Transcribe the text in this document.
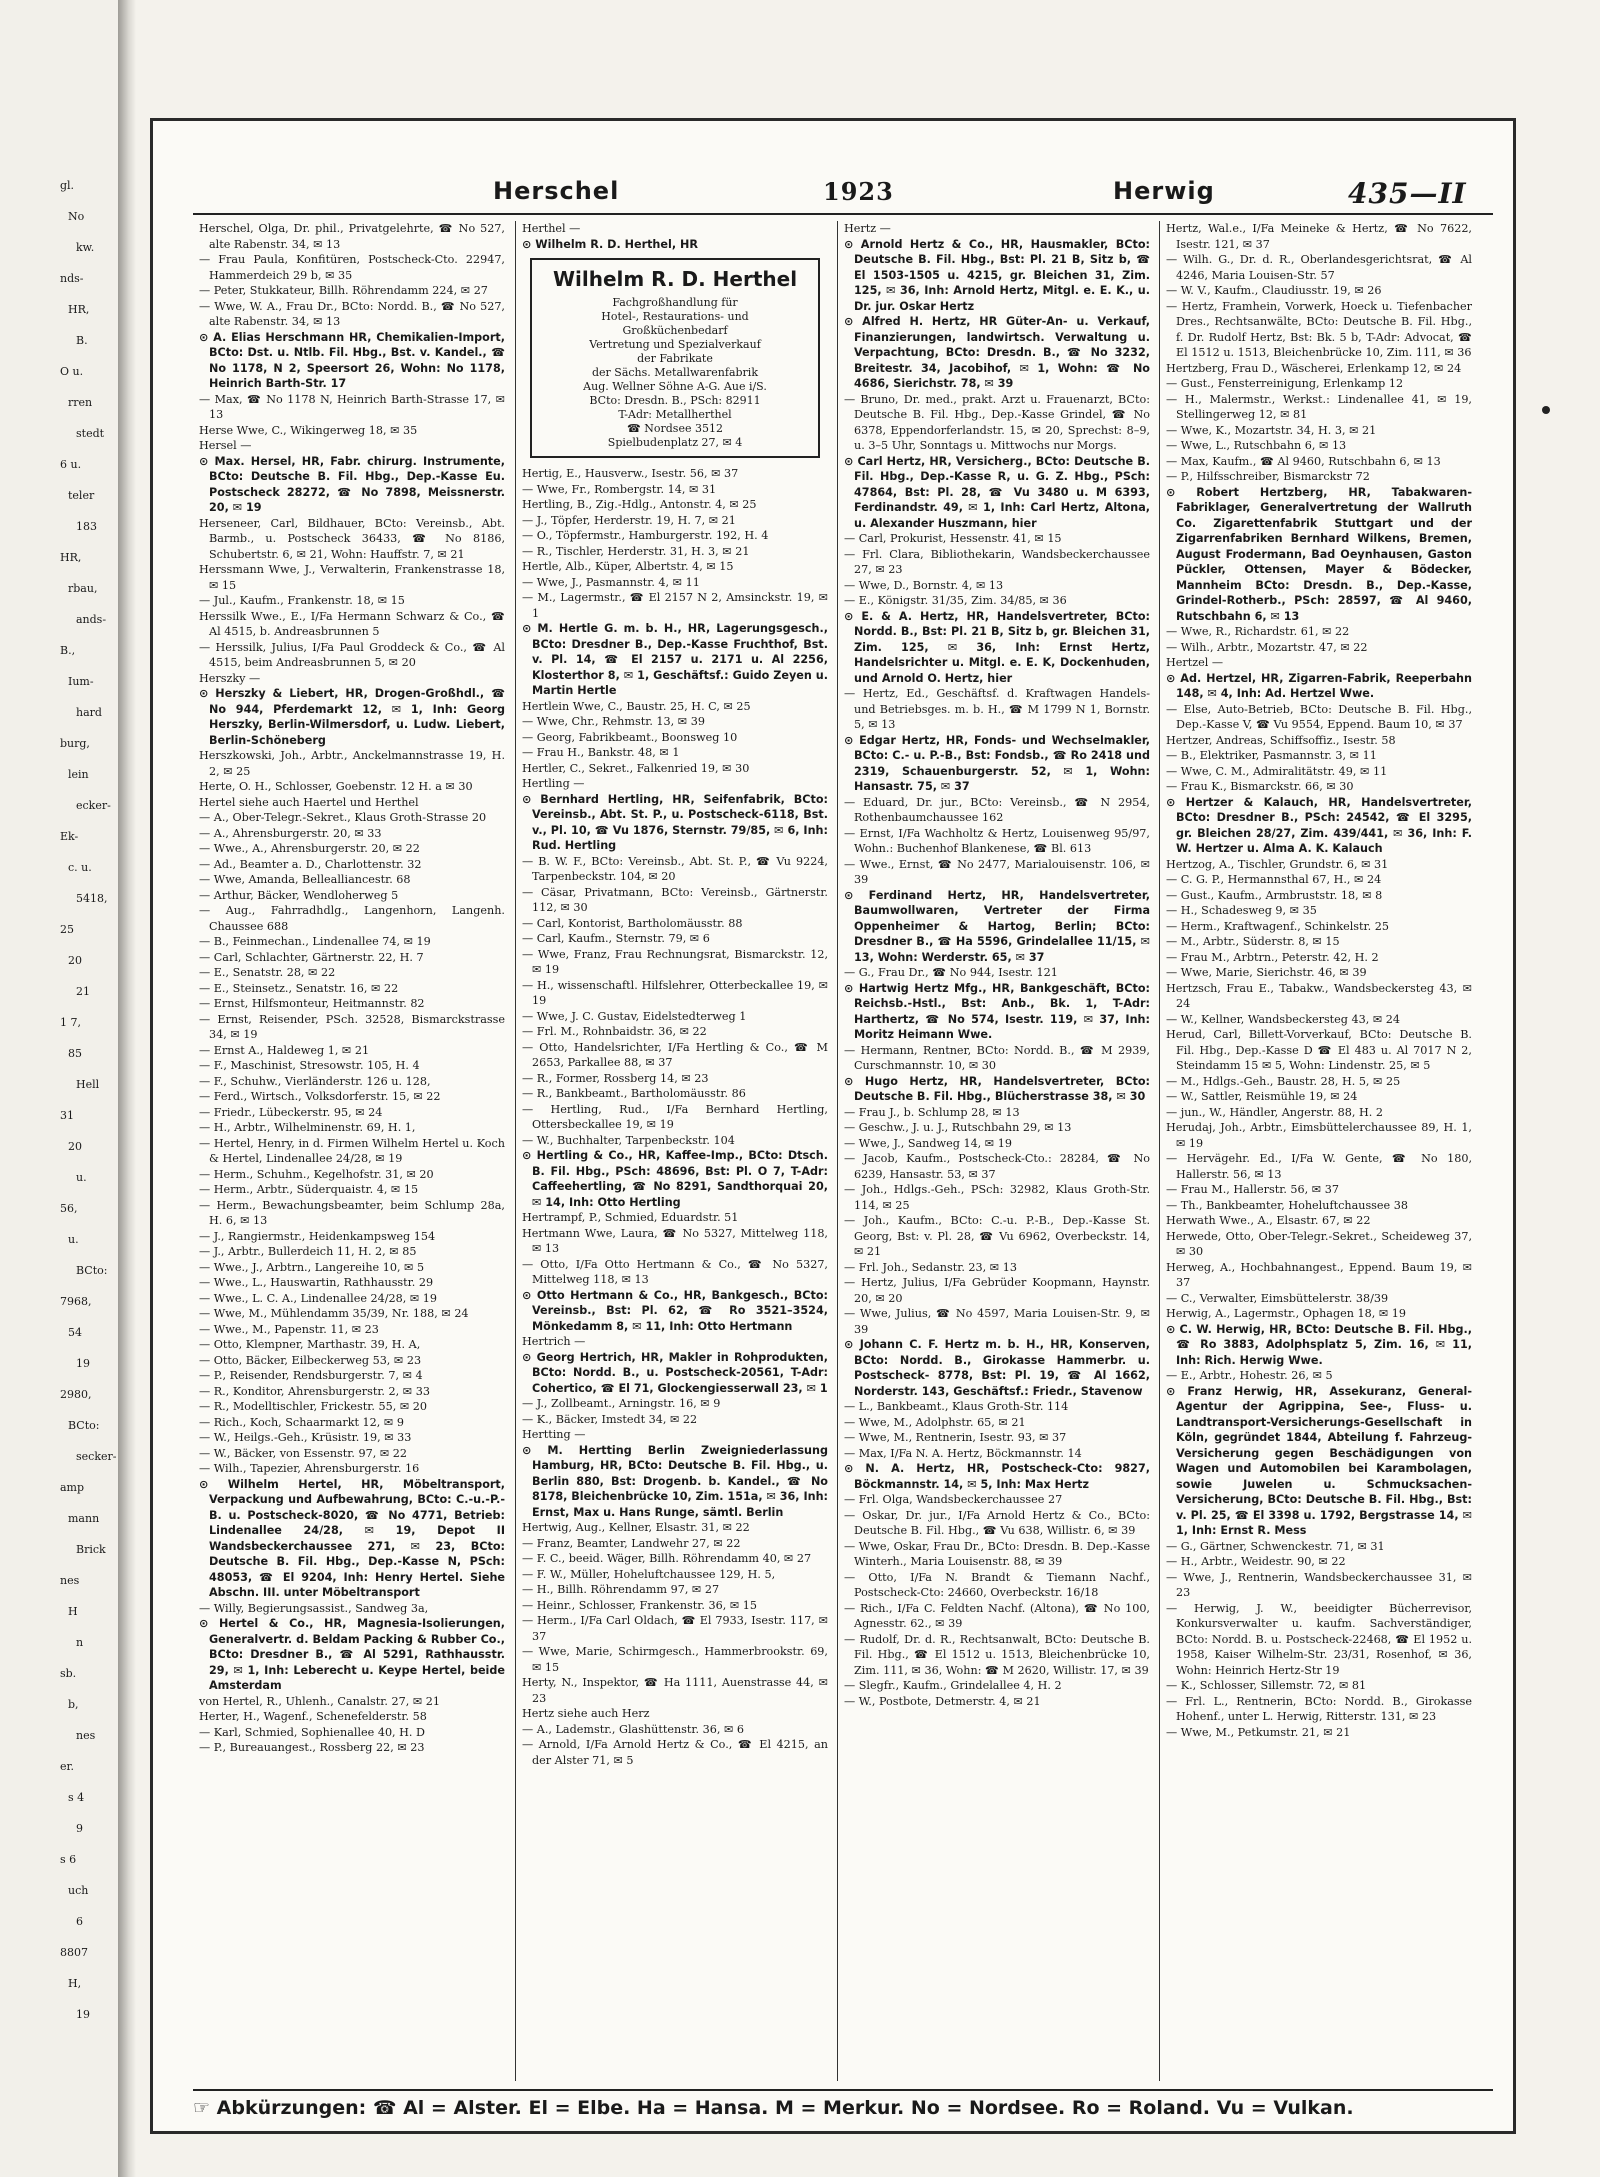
gl.
No
kw.
nds-
HR,
B.
O u.
rren
stedt
6 u.
teler
183
HR,
rbau,
ands-
B.,
Ium-
hard
burg,
lein
ecker-
Ek-
c. u.
5418,
25
20
21
1 7,
85
Hell
31
20
u.
56,
u.
BCto:
7968,
54
19
2980,
BCto:
secker-
amp
mann
Brick
nes
H
n
sb.
b,
nes
er.
s 4
9
s 6
uch
6
8807
H,
19
Herschel	1923	Herwig	435—II

Herschel, Olga, Dr. phil., Privatgelehrte, ☎ No 527, alte Rabenstr. 34, ✉ 13

— Frau Paula, Konfitüren, Postscheck-Cto. 22947, Hammerdeich 29 b, ✉ 35

— Peter, Stukkateur, Billh. Röhrendamm 224, ✉ 27

— Wwe, W. A., Frau Dr., BCto: Nordd. B., ☎ No 527, alte Rabenstr. 34, ✉ 13

⊙ A. Elias Herschmann HR, Chemikalien-Import, BCto: Dst. u. Ntlb. Fil. Hbg., Bst. v. Kandel., ☎ No 1178, N 2, Speersort 26, Wohn: No 1178, Heinrich Barth-Str. 17

— Max, ☎ No 1178 N, Heinrich Barth-Strasse 17, ✉ 13

Herse Wwe, C., Wikingerweg 18, ✉ 35

Hersel —

⊙ Max. Hersel, HR, Fabr. chirurg. Instrumente, BCto: Deutsche B. Fil. Hbg., Dep.-Kasse Eu. Postscheck 28272, ☎ No 7898, Meissnerstr. 20, ✉ 19

Herseneer, Carl, Bildhauer, BCto: Vereinsb., Abt. Barmb., u. Postscheck 36433, ☎ No 8186, Schubertstr. 6, ✉ 21, Wohn: Hauffstr. 7, ✉ 21

Herssmann Wwe, J., Verwalterin, Frankenstrasse 18, ✉ 15

— Jul., Kaufm., Frankenstr. 18, ✉ 15

Herssilk Wwe., E., I/Fa Hermann Schwarz & Co., ☎ Al 4515, b. Andreasbrunnen 5

— Herssilk, Julius, I/Fa Paul Groddeck & Co., ☎ Al 4515, beim Andreasbrunnen 5, ✉ 20

Herszky —

⊙ Herszky & Liebert, HR, Drogen-Großhdl., ☎ No 944, Pferdemarkt 12, ✉ 1, Inh: Georg Herszky, Berlin-Wilmersdorf, u. Ludw. Liebert, Berlin-Schöneberg

Herszkowski, Joh., Arbtr., Anckelmannstrasse 19, H. 2, ✉ 25

Herte, O. H., Schlosser, Goebenstr. 12 H. a ✉ 30

Hertel siehe auch Haertel und Herthel

— A., Ober-Telegr.-Sekret., Klaus Groth-Strasse 20

— A., Ahrensburgerstr. 20, ✉ 33

— Wwe., A., Ahrensburgerstr. 20, ✉ 22

— Ad., Beamter a. D., Charlottenstr. 32

— Wwe, Amanda, Bellealliancestr. 68

— Arthur, Bäcker, Wendloherweg 5

— Aug., Fahrradhdlg., Langenhorn, Langenh. Chaussee 688

— B., Feinmechan., Lindenallee 74, ✉ 19

— Carl, Schlachter, Gärtnerstr. 22, H. 7

— E., Senatstr. 28, ✉ 22

— E., Steinsetz., Senatstr. 16, ✉ 22

— Ernst, Hilfsmonteur, Heitmannstr. 82

— Ernst, Reisender, PSch. 32528, Bismarckstrasse 34, ✉ 19

— Ernst A., Haldeweg 1, ✉ 21

— F., Maschinist, Stresowstr. 105, H. 4

— F., Schuhw., Vierländerstr. 126 u. 128,

— Ferd., Wirtsch., Volksdorferstr. 15, ✉ 22

— Friedr., Lübeckerstr. 95, ✉ 24

— H., Arbtr., Wilhelminenstr. 69, H. 1,

— Hertel, Henry, in d. Firmen Wilhelm Hertel u. Koch & Hertel, Lindenallee 24/28, ✉ 19

— Herm., Schuhm., Kegelhofstr. 31, ✉ 20

— Herm., Arbtr., Süderquaistr. 4, ✉ 15

— Herm., Bewachungsbeamter, beim Schlump 28a, H. 6, ✉ 13

— J., Rangiermstr., Heidenkampsweg 154

— J., Arbtr., Bullerdeich 11, H. 2, ✉ 85

— Wwe., J., Arbtrn., Langereihe 10, ✉ 5

— Wwe., L., Hauswartin, Rathhausstr. 29

— Wwe., L. C. A., Lindenallee 24/28, ✉ 19

— Wwe, M., Mühlendamm 35/39, Nr. 188, ✉ 24

— Wwe., M., Papenstr. 11, ✉ 23

— Otto, Klempner, Marthastr. 39, H. A,

— Otto, Bäcker, Eilbeckerweg 53, ✉ 23

— P., Reisender, Rendsburgerstr. 7, ✉ 4

— R., Konditor, Ahrensburgerstr. 2, ✉ 33

— R., Modelltischler, Frickestr. 55, ✉ 20

— Rich., Koch, Schaarmarkt 12, ✉ 9

— W., Heilgs.-Geh., Krüsistr. 19, ✉ 33

— W., Bäcker, von Essenstr. 97, ✉ 22

— Wilh., Tapezier, Ahrensburgerstr. 16

⊙ Wilhelm Hertel, HR, Möbeltransport, Verpackung und Aufbewahrung, BCto: C.-u.-P.-B. u. Postscheck-8020, ☎ No 4771, Betrieb: Lindenallee 24/28, ✉ 19, Depot II Wandsbeckerchaussee 271, ✉ 23, BCto: Deutsche B. Fil. Hbg., Dep.-Kasse N, PSch: 48053, ☎ El 9204, Inh: Henry Hertel. Siehe Abschn. III. unter Möbeltransport

— Willy, Begierungsassist., Sandweg 3a,

⊙ Hertel & Co., HR, Magnesia-Isolierungen, Generalvertr. d. Beldam Packing & Rubber Co., BCto: Dresdner B., ☎ Al 5291, Rathhausstr. 29, ✉ 1, Inh: Leberecht u. Keype Hertel, beide Amsterdam

von Hertel, R., Uhlenh., Canalstr. 27, ✉ 21

Herter, H., Wagenf., Schenefelderstr. 58

— Karl, Schmied, Sophienallee 40, H. D

— P., Bureauangest., Rossberg 22, ✉ 23

Herthel —

⊙ Wilhelm R. D. Herthel, HR

Wilhelm R. D. Herthel
Fachgroßhandlung für
Hotel-, Restaurations- und
Großküchenbedarf
Vertretung und Spezialverkauf
der Fabrikate
der Sächs. Metallwarenfabrik
Aug. Wellner Söhne A-G. Aue i/S.
BCto: Dresdn. B., PSch: 82911
T-Adr: Metallherthel
☎ Nordsee 3512
Spielbudenplatz 27, ✉ 4

Hertig, E., Hausverw., Isestr. 56, ✉ 37

— Wwe, Fr., Rombergstr. 14, ✉ 31

Hertling, B., Zig.-Hdlg., Antonstr. 4, ✉ 25

— J., Töpfer, Herderstr. 19, H. 7, ✉ 21

— O., Töpfermstr., Hamburgerstr. 192, H. 4

— R., Tischler, Herderstr. 31, H. 3, ✉ 21

Hertle, Alb., Küper, Albertstr. 4, ✉ 15

— Wwe, J., Pasmannstr. 4, ✉ 11

— M., Lagermstr., ☎ El 2157 N 2, Amsinckstr. 19, ✉ 1

⊙ M. Hertle G. m. b. H., HR, Lagerungsgesch., BCto: Dresdner B., Dep.-Kasse Fruchthof, Bst. v. Pl. 14, ☎ El 2157 u. 2171 u. Al 2256, Klosterthor 8, ✉ 1, Geschäftsf.: Guido Zeyen u. Martin Hertle

Hertlein Wwe, C., Baustr. 25, H. C, ✉ 25

— Wwe, Chr., Rehmstr. 13, ✉ 39

— Georg, Fabrikbeamt., Boonsweg 10

— Frau H., Bankstr. 48, ✉ 1

Hertler, C., Sekret., Falkenried 19, ✉ 30

Hertling —

⊙ Bernhard Hertling, HR, Seifenfabrik, BCto: Vereinsb., Abt. St. P., u. Postscheck-6118, Bst. v., Pl. 10, ☎ Vu 1876, Sternstr. 79/85, ✉ 6, Inh: Rud. Hertling

— B. W. F., BCto: Vereinsb., Abt. St. P., ☎ Vu 9224, Tarpenbeckstr. 104, ✉ 20

— Cäsar, Privatmann, BCto: Vereinsb., Gärtnerstr. 112, ✉ 30

— Carl, Kontorist, Bartholomäusstr. 88

— Carl, Kaufm., Sternstr. 79, ✉ 6

— Wwe, Franz, Frau Rechnungsrat, Bismarckstr. 12, ✉ 19

— H., wissenschaftl. Hilfslehrer, Otterbeckallee 19, ✉ 19

— Wwe, J. C. Gustav, Eidelstedterweg 1

— Frl. M., Rohnbaidstr. 36, ✉ 22

— Otto, Handelsrichter, I/Fa Hertling & Co., ☎ M 2653, Parkallee 88, ✉ 37

— R., Former, Rossberg 14, ✉ 23

— R., Bankbeamt., Bartholomäusstr. 86

— Hertling, Rud., I/Fa Bernhard Hertling, Ottersbeckallee 19, ✉ 19

— W., Buchhalter, Tarpenbeckstr. 104

⊙ Hertling & Co., HR, Kaffee-Imp., BCto: Dtsch. B. Fil. Hbg., PSch: 48696, Bst: Pl. O 7, T-Adr: Caffeehertling, ☎ No 8291, Sandthorquai 20, ✉ 14, Inh: Otto Hertling

Hertrampf, P., Schmied, Eduardstr. 51

Hertmann Wwe, Laura, ☎ No 5327, Mittelweg 118, ✉ 13

— Otto, I/Fa Otto Hertmann & Co., ☎ No 5327, Mittelweg 118, ✉ 13

⊙ Otto Hertmann & Co., HR, Bankgesch., BCto: Vereinsb., Bst: Pl. 62, ☎ Ro 3521–3524, Mönkedamm 8, ✉ 11, Inh: Otto Hertmann

Hertrich —

⊙ Georg Hertrich, HR, Makler in Rohprodukten, BCto: Nordd. B., u. Postscheck-20561, T-Adr: Cohertico, ☎ El 71, Glockengiesserwall 23, ✉ 1

— J., Zollbeamt., Arningstr. 16, ✉ 9

— K., Bäcker, Imstedt 34, ✉ 22

Hertting —

⊙ M. Hertting Berlin Zweigniederlassung Hamburg, HR, BCto: Deutsche B. Fil. Hbg., u. Berlin 880, Bst: Drogenb. b. Kandel., ☎ No 8178, Bleichenbrücke 10, Zim. 151a, ✉ 36, Inh: Ernst, Max u. Hans Runge, sämtl. Berlin

Hertwig, Aug., Kellner, Elsastr. 31, ✉ 22

— Franz, Beamter, Landwehr 27, ✉ 22

— F. C., beeid. Wäger, Billh. Röhrendamm 40, ✉ 27

— F. W., Müller, Hoheluftchaussee 129, H. 5,

— H., Billh. Röhrendamm 97, ✉ 27

— Heinr., Schlosser, Frankenstr. 36, ✉ 15

— Herm., I/Fa Carl Oldach, ☎ El 7933, Isestr. 117, ✉ 37

— Wwe, Marie, Schirmgesch., Hammerbrookstr. 69, ✉ 15

Herty, N., Inspektor, ☎ Ha 1111, Auenstrasse 44, ✉ 23

Hertz siehe auch Herz

— A., Lademstr., Glashüttenstr. 36, ✉ 6

— Arnold, I/Fa Arnold Hertz & Co., ☎ El 4215, an der Alster 71, ✉ 5

Hertz —

⊙ Arnold Hertz & Co., HR, Hausmakler, BCto: Deutsche B. Fil. Hbg., Bst: Pl. 21 B, Sitz b, ☎ El 1503-1505 u. 4215, gr. Bleichen 31, Zim. 125, ✉ 36, Inh: Arnold Hertz, Mitgl. e. E. K., u. Dr. jur. Oskar Hertz

⊙ Alfred H. Hertz, HR Güter-An- u. Verkauf, Finanzierungen, landwirtsch. Verwaltung u. Verpachtung, BCto: Dresdn. B., ☎ No 3232, Breitestr. 34, Jacobihof, ✉ 1, Wohn: ☎ No 4686, Sierichstr. 78, ✉ 39

— Bruno, Dr. med., prakt. Arzt u. Frauenarzt, BCto: Deutsche B. Fil. Hbg., Dep.-Kasse Grindel, ☎ No 6378, Eppendorferlandstr. 15, ✉ 20, Sprechst: 8–9, u. 3–5 Uhr, Sonntags u. Mittwochs nur Morgs.

⊙ Carl Hertz, HR, Versicherg., BCto: Deutsche B. Fil. Hbg., Dep.-Kasse R, u. G. Z. Hbg., PSch: 47864, Bst: Pl. 28, ☎ Vu 3480 u. M 6393, Ferdinandstr. 49, ✉ 1, Inh: Carl Hertz, Altona, u. Alexander Huszmann, hier

— Carl, Prokurist, Hessenstr. 41, ✉ 15

— Frl. Clara, Bibliothekarin, Wandsbeckerchaussee 27, ✉ 23

— Wwe, D., Bornstr. 4, ✉ 13

— E., Königstr. 31/35, Zim. 34/85, ✉ 36

⊙ E. & A. Hertz, HR, Handelsvertreter, BCto: Nordd. B., Bst: Pl. 21 B, Sitz b, gr. Bleichen 31, Zim. 125, ✉ 36, Inh: Ernst Hertz, Handelsrichter u. Mitgl. e. E. K, Dockenhuden, und Arnold O. Hertz, hier

— Hertz, Ed., Geschäftsf. d. Kraftwagen Handels- und Betriebsges. m. b. H., ☎ M 1799 N 1, Bornstr. 5, ✉ 13

⊙ Edgar Hertz, HR, Fonds- und Wechselmakler, BCto: C.- u. P.-B., Bst: Fondsb., ☎ Ro 2418 und 2319, Schauenburgerstr. 52, ✉ 1, Wohn: Hansastr. 75, ✉ 37

— Eduard, Dr. jur., BCto: Vereinsb., ☎ N 2954, Rothenbaumchaussee 162

— Ernst, I/Fa Wachholtz & Hertz, Louisenweg 95/97, Wohn.: Buchenhof Blankenese, ☎ Bl. 613

— Wwe., Ernst, ☎ No 2477, Marialouisenstr. 106, ✉ 39

⊙ Ferdinand Hertz, HR, Handelsvertreter, Baumwollwaren, Vertreter der Firma Oppenheimer & Hartog, Berlin; BCto: Dresdner B., ☎ Ha 5596, Grindelallee 11/15, ✉ 13, Wohn: Werderstr. 65, ✉ 37

— G., Frau Dr., ☎ No 944, Isestr. 121

⊙ Hartwig Hertz Mfg., HR, Bankgeschäft, BCto: Reichsb.-Hstl., Bst: Anb., Bk. 1, T-Adr: Harthertz, ☎ No 574, Isestr. 119, ✉ 37, Inh: Moritz Heimann Wwe.

— Hermann, Rentner, BCto: Nordd. B., ☎ M 2939, Curschmannstr. 10, ✉ 30

⊙ Hugo Hertz, HR, Handelsvertreter, BCto: Deutsche B. Fil. Hbg., Blücherstrasse 38, ✉ 30

— Frau J., b. Schlump 28, ✉ 13

— Geschw., J. u. J., Rutschbahn 29, ✉ 13

— Wwe, J., Sandweg 14, ✉ 19

— Jacob, Kaufm., Postscheck-Cto.: 28284, ☎ No 6239, Hansastr. 53, ✉ 37

— Joh., Hdlgs.-Geh., PSch: 32982, Klaus Groth-Str. 114, ✉ 25

— Joh., Kaufm., BCto: C.-u. P.-B., Dep.-Kasse St. Georg, Bst: v. Pl. 28, ☎ Vu 6962, Overbeckstr. 14, ✉ 21

— Frl. Joh., Sedanstr. 23, ✉ 13

— Hertz, Julius, I/Fa Gebrüder Koopmann, Haynstr. 20, ✉ 20

— Wwe, Julius, ☎ No 4597, Maria Louisen-Str. 9, ✉ 39

⊙ Johann C. F. Hertz m. b. H., HR, Konserven, BCto: Nordd. B., Girokasse Hammerbr. u. Postscheck- 8778, Bst: Pl. 19, ☎ Al 1662, Norderstr. 143, Geschäftsf.: Friedr., Stavenow

— L., Bankbeamt., Klaus Groth-Str. 114

— Wwe, M., Adolphstr. 65, ✉ 21

— Wwe, M., Rentnerin, Isestr. 93, ✉ 37

— Max, I/Fa N. A. Hertz, Böckmannstr. 14

⊙ N. A. Hertz, HR, Postscheck-Cto: 9827, Böckmannstr. 14, ✉ 5, Inh: Max Hertz

— Frl. Olga, Wandsbeckerchaussee 27

— Oskar, Dr. jur., I/Fa Arnold Hertz & Co., BCto: Deutsche B. Fil. Hbg., ☎ Vu 638, Willistr. 6, ✉ 39

— Wwe, Oskar, Frau Dr., BCto: Dresdn. B. Dep.-Kasse Winterh., Maria Louisenstr. 88, ✉ 39

— Otto, I/Fa N. Brandt & Tiemann Nachf., Postscheck-Cto: 24660, Overbeckstr. 16/18

— Rich., I/Fa C. Feldten Nachf. (Altona), ☎ No 100, Agnesstr. 62., ✉ 39

— Rudolf, Dr. d. R., Rechtsanwalt, BCto: Deutsche B. Fil. Hbg., ☎ El 1512 u. 1513, Bleichenbrücke 10, Zim. 111, ✉ 36, Wohn: ☎ M 2620, Willistr. 17, ✉ 39

— Slegfr., Kaufm., Grindelallee 4, H. 2

— W., Postbote, Detmerstr. 4, ✉ 21

Hertz, Wal.e., I/Fa Meineke & Hertz, ☎ No 7622, Isestr. 121, ✉ 37

— Wilh. G., Dr. d. R., Oberlandesgerichtsrat, ☎ Al 4246, Maria Louisen-Str. 57

— W. V., Kaufm., Claudiusstr. 19, ✉ 26

— Hertz, Framhein, Vorwerk, Hoeck u. Tiefenbacher Dres., Rechtsanwälte, BCto: Deutsche B. Fil. Hbg., f. Dr. Rudolf Hertz, Bst: Bk. 5 b, T-Adr: Advocat, ☎ El 1512 u. 1513, Bleichenbrücke 10, Zim. 111, ✉ 36

Hertzberg, Frau D., Wäscherei, Erlenkamp 12, ✉ 24

— Gust., Fensterreinigung, Erlenkamp 12

— H., Malermstr., Werkst.: Lindenallee 41, ✉ 19, Stellingerweg 12, ✉ 81

— Wwe, K., Mozartstr. 34, H. 3, ✉ 21

— Wwe, L., Rutschbahn 6, ✉ 13

— Max, Kaufm., ☎ Al 9460, Rutschbahn 6, ✉ 13

— P., Hilfsschreiber, Bismarckstr 72

⊙ Robert Hertzberg, HR, Tabakwaren-Fabriklager, Generalvertretung der Wallruth Co. Zigarettenfabrik Stuttgart und der Zigarrenfabriken Bernhard Wilkens, Bremen, August Frodermann, Bad Oeynhausen, Gaston Pückler, Ottensen, Mayer & Bödecker, Mannheim BCto: Dresdn. B., Dep.-Kasse, Grindel-Rotherb., PSch: 28597, ☎ Al 9460, Rutschbahn 6, ✉ 13

— Wwe, R., Richardstr. 61, ✉ 22

— Wilh., Arbtr., Mozartstr. 47, ✉ 22

Hertzel —

⊙ Ad. Hertzel, HR, Zigarren-Fabrik, Reeperbahn 148, ✉ 4, Inh: Ad. Hertzel Wwe.

— Else, Auto-Betrieb, BCto: Deutsche B. Fil. Hbg., Dep.-Kasse V, ☎ Vu 9554, Eppend. Baum 10, ✉ 37

Hertzer, Andreas, Schiffsoffiz., Isestr. 58

— B., Elektriker, Pasmannstr. 3, ✉ 11

— Wwe, C. M., Admiralitätstr. 49, ✉ 11

— Frau K., Bismarckstr. 66, ✉ 30

⊙ Hertzer & Kalauch, HR, Handelsvertreter, BCto: Dresdner B., PSch: 24542, ☎ El 3295, gr. Bleichen 28/27, Zim. 439/441, ✉ 36, Inh: F. W. Hertzer u. Alma A. K. Kalauch

Hertzog, A., Tischler, Grundstr. 6, ✉ 31

— C. G. P., Hermannsthal 67, H., ✉ 24

— Gust., Kaufm., Armbruststr. 18, ✉ 8

— H., Schadesweg 9, ✉ 35

— Herm., Kraftwagenf., Schinkelstr. 25

— M., Arbtr., Süderstr. 8, ✉ 15

— Frau M., Arbtrn., Peterstr. 42, H. 2

— Wwe, Marie, Sierichstr. 46, ✉ 39

Hertzsch, Frau E., Tabakw., Wandsbeckersteg 43, ✉ 24

— W., Kellner, Wandsbeckersteg 43, ✉ 24

Herud, Carl, Billett-Vorverkauf, BCto: Deutsche B. Fil. Hbg., Dep.-Kasse D ☎ El 483 u. Al 7017 N 2, Steindamm 15 ✉ 5, Wohn: Lindenstr. 25, ✉ 5

— M., Hdlgs.-Geh., Baustr. 28, H. 5, ✉ 25

— W., Sattler, Reismühle 19, ✉ 24

— jun., W., Händler, Angerstr. 88, H. 2

Herudaj, Joh., Arbtr., Eimsbüttelerchaussee 89, H. 1, ✉ 19

— Hervägehr. Ed., I/Fa W. Gente, ☎ No 180, Hallerstr. 56, ✉ 13

— Frau M., Hallerstr. 56, ✉ 37

— Th., Bankbeamter, Hoheluftchaussee 38

Herwath Wwe., A., Elsastr. 67, ✉ 22

Herwede, Otto, Ober-Telegr.-Sekret., Scheideweg 37, ✉ 30

Herweg, A., Hochbahnangest., Eppend. Baum 19, ✉ 37

— C., Verwalter, Eimsbüttelerstr. 38/39

Herwig, A., Lagermstr., Ophagen 18, ✉ 19

⊙ C. W. Herwig, HR, BCto: Deutsche B. Fil. Hbg., ☎ Ro 3883, Adolphsplatz 5, Zim. 16, ✉ 11, Inh: Rich. Herwig Wwe.

— E., Arbtr., Hohestr. 26, ✉ 5

⊙ Franz Herwig, HR, Assekuranz, General-Agentur der Agrippina, See-, Fluss- u. Landtransport-Versicherungs-Gesellschaft in Köln, gegründet 1844, Abteilung f. Fahrzeug-Versicherung gegen Beschädigungen von Wagen und Automobilen bei Karambolagen, sowie Juwelen u. Schmucksachen-Versicherung, BCto: Deutsche B. Fil. Hbg., Bst: v. Pl. 25, ☎ El 3398 u. 1792, Bergstrasse 14, ✉ 1, Inh: Ernst R. Mess

— G., Gärtner, Schwenckestr. 71, ✉ 31

— H., Arbtr., Weidestr. 90, ✉ 22

— Wwe, J., Rentnerin, Wandsbeckerchaussee 31, ✉ 23

— Herwig, J. W., beeidigter Bücherrevisor, Konkursverwalter u. kaufm. Sachverständiger, BCto: Nordd. B. u. Postscheck-22468, ☎ El 1952 u. 1958, Kaiser Wilhelm-Str. 23/31, Rosenhof, ✉ 36, Wohn: Heinrich Hertz-Str 19

— K., Schlosser, Sillemstr. 72, ✉ 81

— Frl. L., Rentnerin, BCto: Nordd. B., Girokasse Hohenf., unter L. Herwig, Ritterstr. 131, ✉ 23

— Wwe, M., Petkumstr. 21, ✉ 21

☞ Abkürzungen: ☎ Al = Alster. El = Elbe. Ha = Hansa. M = Merkur. No = Nordsee. Ro = Roland. Vu = Vulkan.
